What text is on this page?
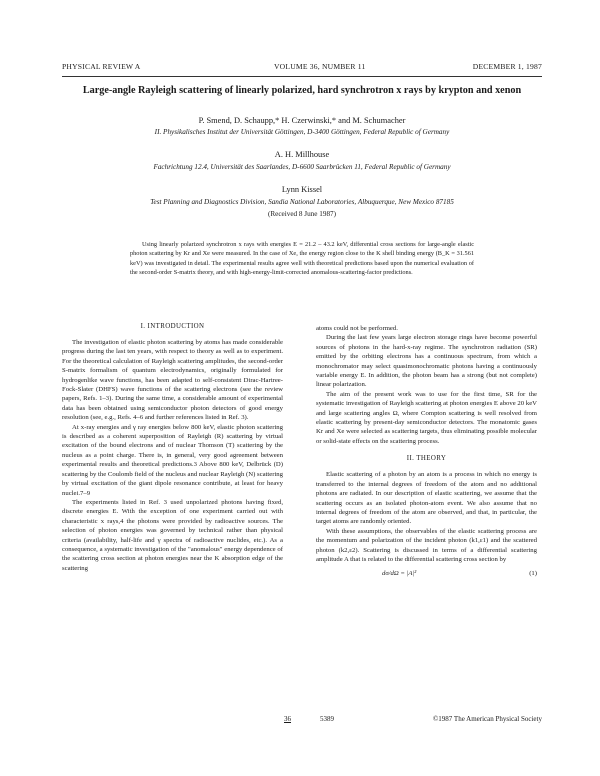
PHYSICAL REVIEW A	VOLUME 36, NUMBER 11	DECEMBER 1, 1987
Large-angle Rayleigh scattering of linearly polarized, hard synchrotron x rays by krypton and xenon
P. Smend, D. Schaupp,* H. Czerwinski,* and M. Schumacher
II. Physikalisches Institut der Universität Göttingen, D-3400 Göttingen, Federal Republic of Germany
A. H. Millhouse
Fachrichtung 12.4, Universität des Saarlandes, D-6600 Saarbrücken 11, Federal Republic of Germany
Lynn Kissel
Test Planning and Diagnostics Division, Sandia National Laboratories, Albuquerque, New Mexico 87185
(Received 8 June 1987)

Using linearly polarized synchrotron x rays with energies E = 21.2 – 43.2 keV, differential cross sections for large-angle elastic photon scattering by Kr and Xe were measured. In the case of Xe, the energy region close to the K shell binding energy (B_K = 31.561 keV) was investigated in detail. The experimental results agree well with theoretical predictions based upon the numerical evaluation of the second-order S-matrix theory, and with high-energy-limit-corrected anomalous-scattering-factor predictions.

I. INTRODUCTION

The investigation of elastic photon scattering by atoms has made considerable progress during the last ten years, with respect to theory as well as to experiment. For the theoretical calculation of Rayleigh scattering amplitudes, the second-order S-matrix formalism of quantum electrodynamics, originally formulated for hydrogenlike wave functions, has been adapted to self-consistent Dirac-Hartree-Fock-Slater (DHFS) wave functions of the scattering electrons (see the review papers, Refs. 1–3). During the same time, a considerable amount of experimental data has been obtained using semiconductor photon detectors of good energy resolution (see, e.g., Refs. 4–6 and further references listed in Ref. 3).

At x-ray energies and γ ray energies below 800 keV, elastic photon scattering is described as a coherent superposition of Rayleigh (R) scattering by virtual excitation of the bound electrons and of nuclear Thomson (T) scattering by the nucleus as a point charge. There is, in general, very good agreement between experimental results and theoretical predictions.3 Above 800 keV, Delbrück (D) scattering by the Coulomb field of the nucleus and nuclear Rayleigh (N) scattering by virtual excitation of the giant dipole resonance contribute, at least for heavy nuclei.7–9

The experiments listed in Ref. 3 used unpolarized photons having fixed, discrete energies E. With the exception of one experiment carried out with characteristic x rays,4 the photons were provided by radioactive sources. The selection of photon energies was governed by technical rather than physical criteria (availability, half-life and γ spectra of radioactive nuclides, etc.). As a consequence, a systematic investigation of the "anomalous" energy dependence of the scattering cross section at photon energies near the K absorption edge of the scattering

atoms could not be performed.

During the last few years large electron storage rings have become powerful sources of photons in the hard-x-ray regime. The synchrotron radiation (SR) emitted by the orbiting electrons has a continuous spectrum, from which a monochromator may select quasimonochromatic photons having a continuously variable energy E. In addition, the photon beam has a strong (but not complete) linear polarization.

The aim of the present work was to use for the first time, SR for the systematic investigation of Rayleigh scattering at photon energies E above 20 keV and large scattering angles Ω, where Compton scattering is well resolved from elastic scattering by present-day semiconductor detectors. The monatomic gases Kr and Xe were selected as scattering targets, thus eliminating possible molecular or solid-state effects on the scattering process.

II. THEORY

Elastic scattering of a photon by an atom is a process in which no energy is transferred to the internal degrees of freedom of the atom and no additional photons are radiated. In our description of elastic scattering, we assume that the scattering occurs as an isolated photon-atom event. We also assume that no internal degrees of freedom of the atom are observed, and that, in particular, the target atoms are randomly oriented.

With these assumptions, the observables of the elastic scattering process are the momentum and polarization of the incident photon (k1,ε1) and the scattered photon (k2,ε2). Scattering is discussed in terms of a differential scattering amplitude A that is related to the differential scattering cross section by

dσ/dΩ = |A|²	(1)
36	5389	©1987 The American Physical Society
